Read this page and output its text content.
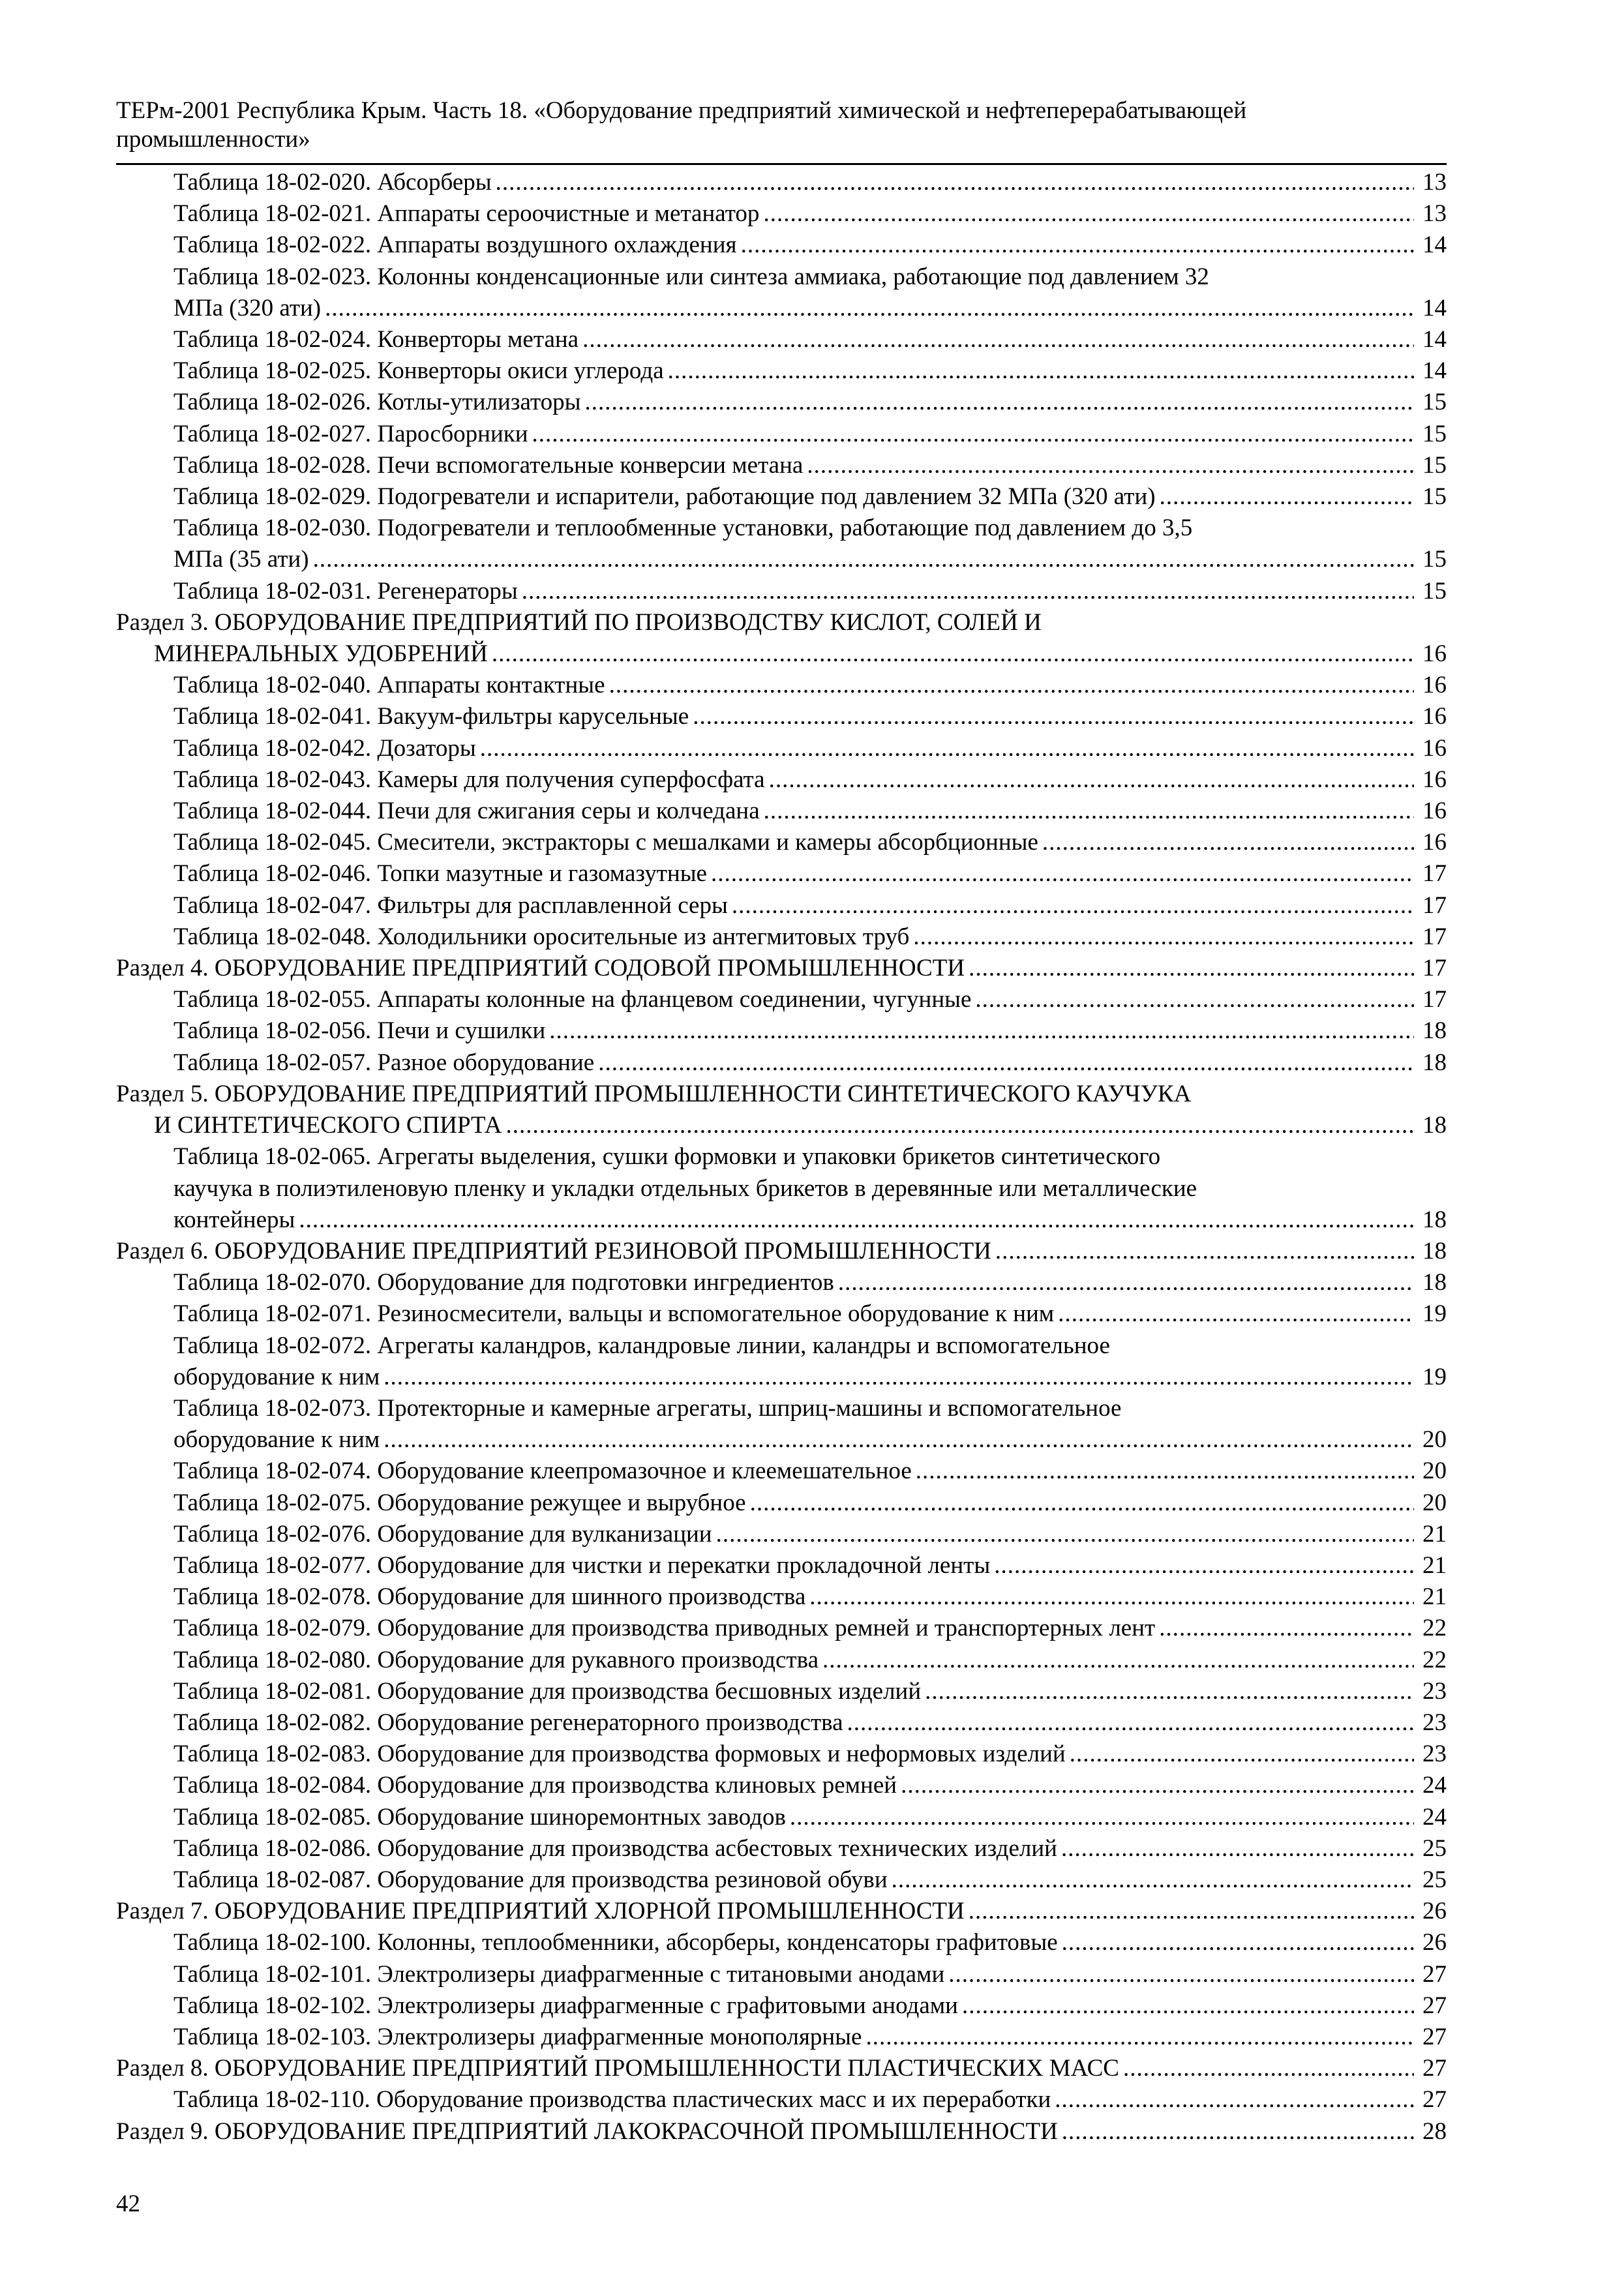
ТЕРм-2001 Республика Крым. Часть 18. «Оборудование предприятий химической и нефтеперерабатывающей
промышленности»
Таблица 18-02-020. Абсорберы .....	13
Таблица 18-02-021. Аппараты сероочистные и метанатор .....	13
Таблица 18-02-022. Аппараты воздушного охлаждения .....	14
Таблица 18-02-023. Колонны конденсационные или синтеза аммиака, работающие под давлением 32
МПа (320 ати) .....	14
Таблица 18-02-024. Конверторы метана .....	14
Таблица 18-02-025. Конверторы окиси углерода .....	14
Таблица 18-02-026. Котлы-утилизаторы .....	15
Таблица 18-02-027. Паросборники .....	15
Таблица 18-02-028. Печи вспомогательные конверсии метана .....	15
Таблица 18-02-029. Подогреватели и испарители, работающие под давлением 32 МПа (320 ати) .....	15
Таблица 18-02-030. Подогреватели и теплообменные установки, работающие под давлением до 3,5
МПа (35 ати) .....	15
Таблица 18-02-031. Регенераторы .....	15
Раздел 3. ОБОРУДОВАНИЕ ПРЕДПРИЯТИЙ ПО ПРОИЗВОДСТВУ КИСЛОТ, СОЛЕЙ И
МИНЕРАЛЬНЫХ УДОБРЕНИЙ .....	16
Таблица 18-02-040. Аппараты контактные .....	16
Таблица 18-02-041. Вакуум-фильтры карусельные .....	16
Таблица 18-02-042. Дозаторы .....	16
Таблица 18-02-043. Камеры для получения суперфосфата .....	16
Таблица 18-02-044. Печи для сжигания серы и колчедана .....	16
Таблица 18-02-045. Смесители, экстракторы с мешалками и камеры абсорбционные .....	16
Таблица 18-02-046. Топки мазутные и газомазутные .....	17
Таблица 18-02-047. Фильтры для расплавленной серы .....	17
Таблица 18-02-048. Холодильники оросительные из антегмитовых труб .....	17
Раздел 4. ОБОРУДОВАНИЕ ПРЕДПРИЯТИЙ СОДОВОЙ ПРОМЫШЛЕННОСТИ .....	17
Таблица 18-02-055. Аппараты колонные на фланцевом соединении, чугунные .....	17
Таблица 18-02-056. Печи и сушилки .....	18
Таблица 18-02-057. Разное оборудование .....	18
Раздел 5. ОБОРУДОВАНИЕ ПРЕДПРИЯТИЙ ПРОМЫШЛЕННОСТИ СИНТЕТИЧЕСКОГО КАУЧУКА
И СИНТЕТИЧЕСКОГО СПИРТА .....	18
Таблица 18-02-065. Агрегаты выделения, сушки формовки и упаковки брикетов синтетического
каучука в полиэтиленовую пленку и укладки отдельных брикетов в деревянные или металлические
контейнеры .....	18
Раздел 6. ОБОРУДОВАНИЕ ПРЕДПРИЯТИЙ РЕЗИНОВОЙ ПРОМЫШЛЕННОСТИ .....	18
Таблица 18-02-070. Оборудование для подготовки ингредиентов .....	18
Таблица 18-02-071. Резиносмесители, вальцы и вспомогательное оборудование к ним .....	19
Таблица 18-02-072. Агрегаты каландров, каландровые линии, каландры и вспомогательное
оборудование к ним .....	19
Таблица 18-02-073. Протекторные и камерные агрегаты, шприц-машины и вспомогательное
оборудование к ним .....	20
Таблица 18-02-074. Оборудование клеепромазочное и клеемешательное .....	20
Таблица 18-02-075. Оборудование режущее и вырубное .....	20
Таблица 18-02-076. Оборудование для вулканизации .....	21
Таблица 18-02-077. Оборудование для чистки и перекатки прокладочной ленты .....	21
Таблица 18-02-078. Оборудование для шинного производства .....	21
Таблица 18-02-079. Оборудование для производства приводных ремней и транспортерных лент .....	22
Таблица 18-02-080. Оборудование для рукавного производства .....	22
Таблица 18-02-081. Оборудование для производства бесшовных изделий .....	23
Таблица 18-02-082. Оборудование регенераторного производства .....	23
Таблица 18-02-083. Оборудование для производства формовых и неформовых изделий .....	23
Таблица 18-02-084. Оборудование для производства клиновых ремней .....	24
Таблица 18-02-085. Оборудование шиноремонтных заводов .....	24
Таблица 18-02-086. Оборудование для производства асбестовых технических изделий .....	25
Таблица 18-02-087. Оборудование для производства резиновой обуви .....	25
Раздел 7. ОБОРУДОВАНИЕ ПРЕДПРИЯТИЙ ХЛОРНОЙ ПРОМЫШЛЕННОСТИ .....	26
Таблица 18-02-100. Колонны, теплообменники, абсорберы, конденсаторы графитовые .....	26
Таблица 18-02-101. Электролизеры диафрагменные с титановыми анодами .....	27
Таблица 18-02-102. Электролизеры диафрагменные с графитовыми анодами .....	27
Таблица 18-02-103. Электролизеры диафрагменные монополярные .....	27
Раздел 8. ОБОРУДОВАНИЕ ПРЕДПРИЯТИЙ ПРОМЫШЛЕННОСТИ ПЛАСТИЧЕСКИХ МАСС .....	27
Таблица 18-02-110. Оборудование производства пластических масс и их переработки .....	27
Раздел 9. ОБОРУДОВАНИЕ ПРЕДПРИЯТИЙ ЛАКОКРАСОЧНОЙ ПРОМЫШЛЕННОСТИ .....	28
42
